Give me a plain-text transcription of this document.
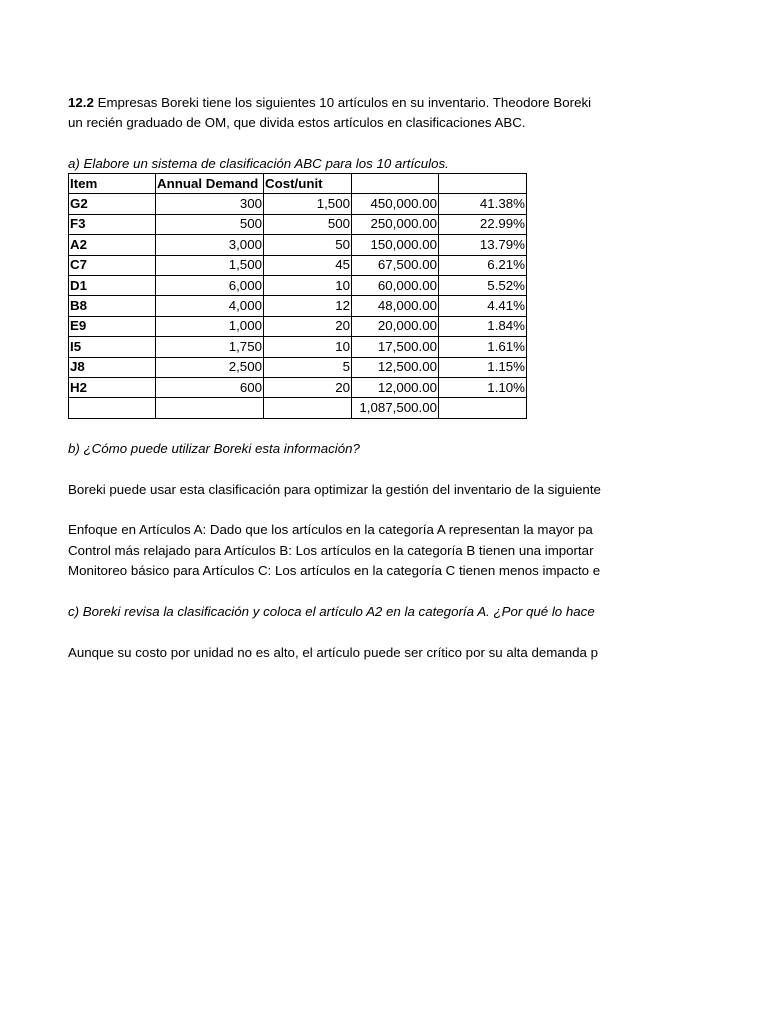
12.2 Empresas Boreki tiene los siguientes 10 artículos en su inventario. Theodore Boreki
un recién graduado de OM, que divida estos artículos en clasificaciones ABC.
a) Elabore un sistema de clasificación ABC para los 10 artículos.
Item	Annual Demand	Cost/unit		
G2	300	1,500	450,000.00	41.38%
F3	500	500	250,000.00	22.99%
A2	3,000	50	150,000.00	13.79%
C7	1,500	45	67,500.00	6.21%
D1	6,000	10	60,000.00	5.52%
B8	4,000	12	48,000.00	4.41%
E9	1,000	20	20,000.00	1.84%
I5	1,750	10	17,500.00	1.61%
J8	2,500	5	12,500.00	1.15%
H2	600	20	12,000.00	1.10%
			1,087,500.00	
b) ¿Cómo puede utilizar Boreki esta información?
Boreki puede usar esta clasificación para optimizar la gestión del inventario de la siguiente
Enfoque en Artículos A: Dado que los artículos en la categoría A representan la mayor pa
Control más relajado para Artículos B: Los artículos en la categoría B tienen una importar
Monitoreo básico para Artículos C: Los artículos en la categoría C tienen menos impacto e
c) Boreki revisa la clasificación y coloca el artículo A2 en la categoría A. ¿Por qué lo hace
Aunque su costo por unidad no es alto, el artículo puede ser crítico por su alta demanda p
